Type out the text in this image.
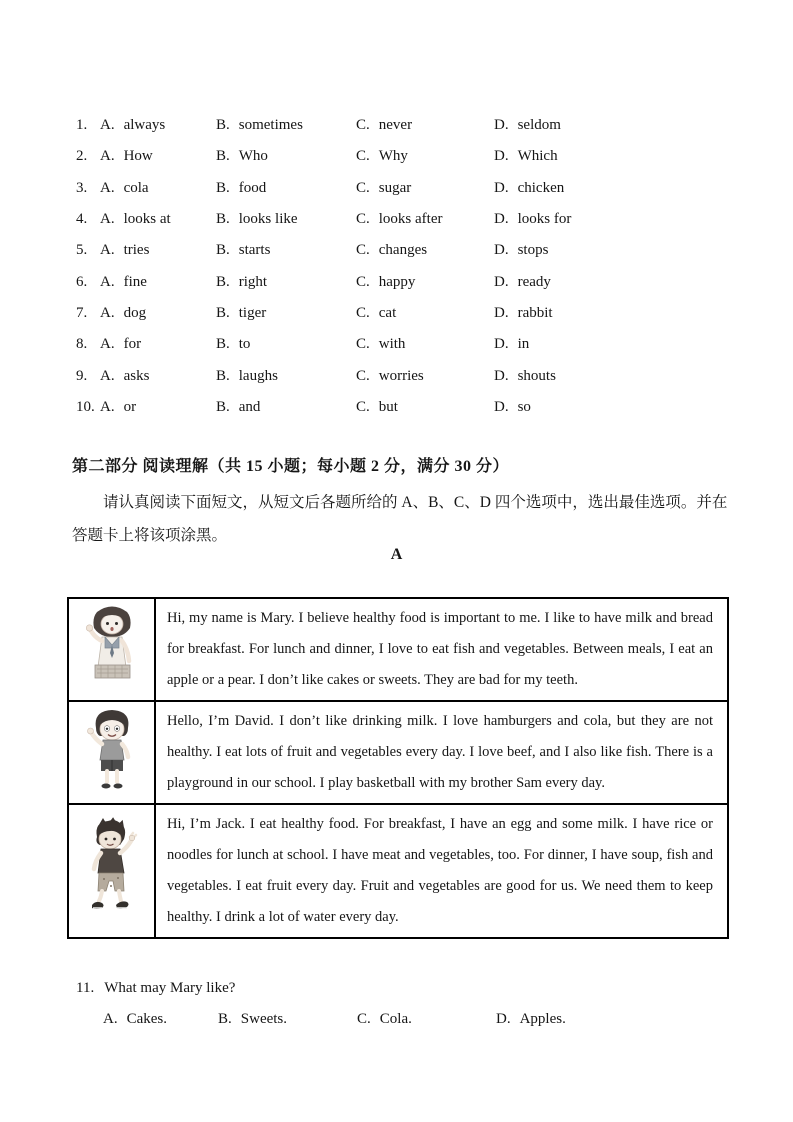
1. A. always	B. sometimes	C. never	D. seldom
2. A. How	B. Who	C. Why	D. Which
3. A. cola	B. food	C. sugar	D. chicken
4. A. looks at	B. looks like	C. looks after	D. looks for
5. A. tries	B. starts	C. changes	D. stops
6. A. fine	B. right	C. happy	D. ready
7. A. dog	B. tiger	C. cat	D. rabbit
8. A. for	B. to	C. with	D. in
9. A. asks	B. laughs	C. worries	D. shouts
10. A. or	B. and	C. but	D. so
第二部分 阅读理解（共 15 小题；每小题 2 分，满分 30 分）

请认真阅读下面短文，从短文后各题所给的 A、B、C、D 四个选项中，选出最佳选项。并在答题卡上将该项涂黑。

A
Hi, my name is Mary. I believe healthy food is important to me. I like to have milk and bread for breakfast. For lunch and dinner, I love to eat fish and vegetables. Between meals, I eat an apple or a pear. I don’t like cakes or sweets. They are bad for my teeth.
Hello, I’m David. I don’t like drinking milk. I love hamburgers and cola, but they are not healthy. I eat lots of fruit and vegetables every day. I love beef, and I also like fish. There is a playground in our school. I play basketball with my brother Sam every day.
Hi, I’m Jack. I eat healthy food. For breakfast, I have an egg and some milk. I have rice or noodles for lunch at school. I have meat and vegetables, too. For dinner, I have soup, fish and vegetables. I eat fruit every day. Fruit and vegetables are good for us. We need them to keep healthy. I drink a lot of water every day.
11. What may Mary like?
A. Cakes.	B. Sweets.	C. Cola.	D. Apples.
